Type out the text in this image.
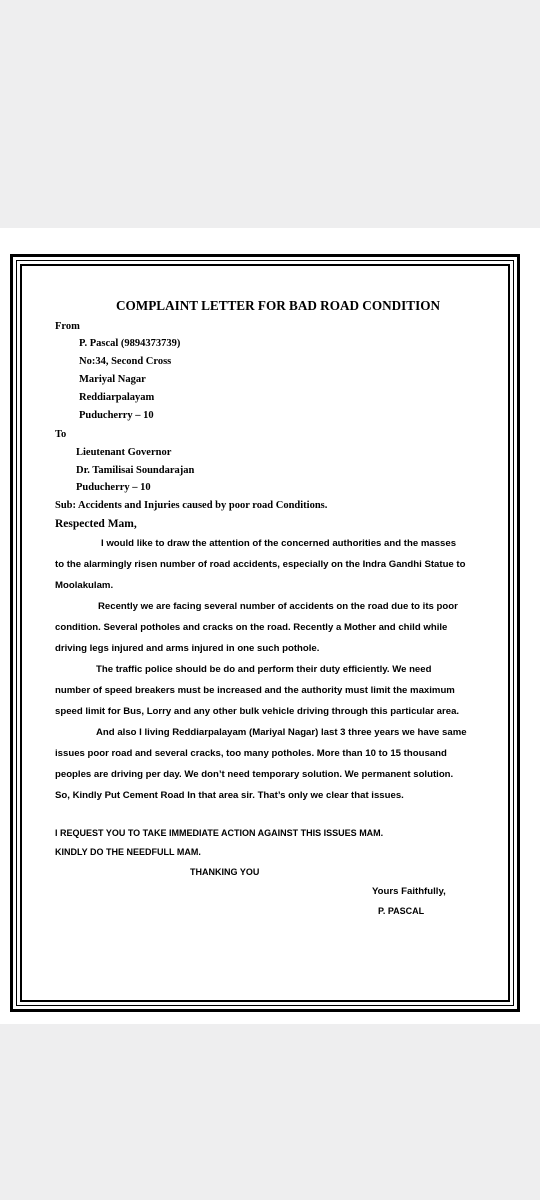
COMPLAINT LETTER FOR BAD ROAD CONDITION
From
P. Pascal (9894373739)
No:34, Second Cross
Mariyal Nagar
Reddiarpalayam
Puducherry – 10
To
Lieutenant Governor
Dr. Tamilisai Soundarajan
Puducherry – 10
Sub: Accidents and Injuries caused by poor road Conditions.
Respected Mam,
I would like to draw the attention of the concerned authorities and the masses
to the alarmingly risen number of road accidents, especially on the Indra Gandhi Statue to
Moolakulam.
Recently we are facing several number of accidents on the road due to its poor
condition. Several potholes and cracks on the road. Recently a Mother and child while
driving legs injured and arms injured in one such pothole.
The traffic police should be do and perform their duty efficiently. We need
number of speed breakers must be increased and the authority must limit the maximum
speed limit for Bus, Lorry and any other bulk vehicle driving through this particular area.
And also I living Reddiarpalayam (Mariyal Nagar) last 3 three years we have same
issues poor road and several cracks, too many potholes. More than 10 to 15 thousand
peoples are driving per day. We don’t need temporary solution. We permanent solution.
So, Kindly Put Cement Road In that area sir. That’s only we clear that issues.
I REQUEST YOU TO TAKE IMMEDIATE ACTION AGAINST THIS ISSUES MAM.
KINDLY DO THE NEEDFULL MAM.
THANKING YOU
Yours Faithfully,
P. PASCAL
